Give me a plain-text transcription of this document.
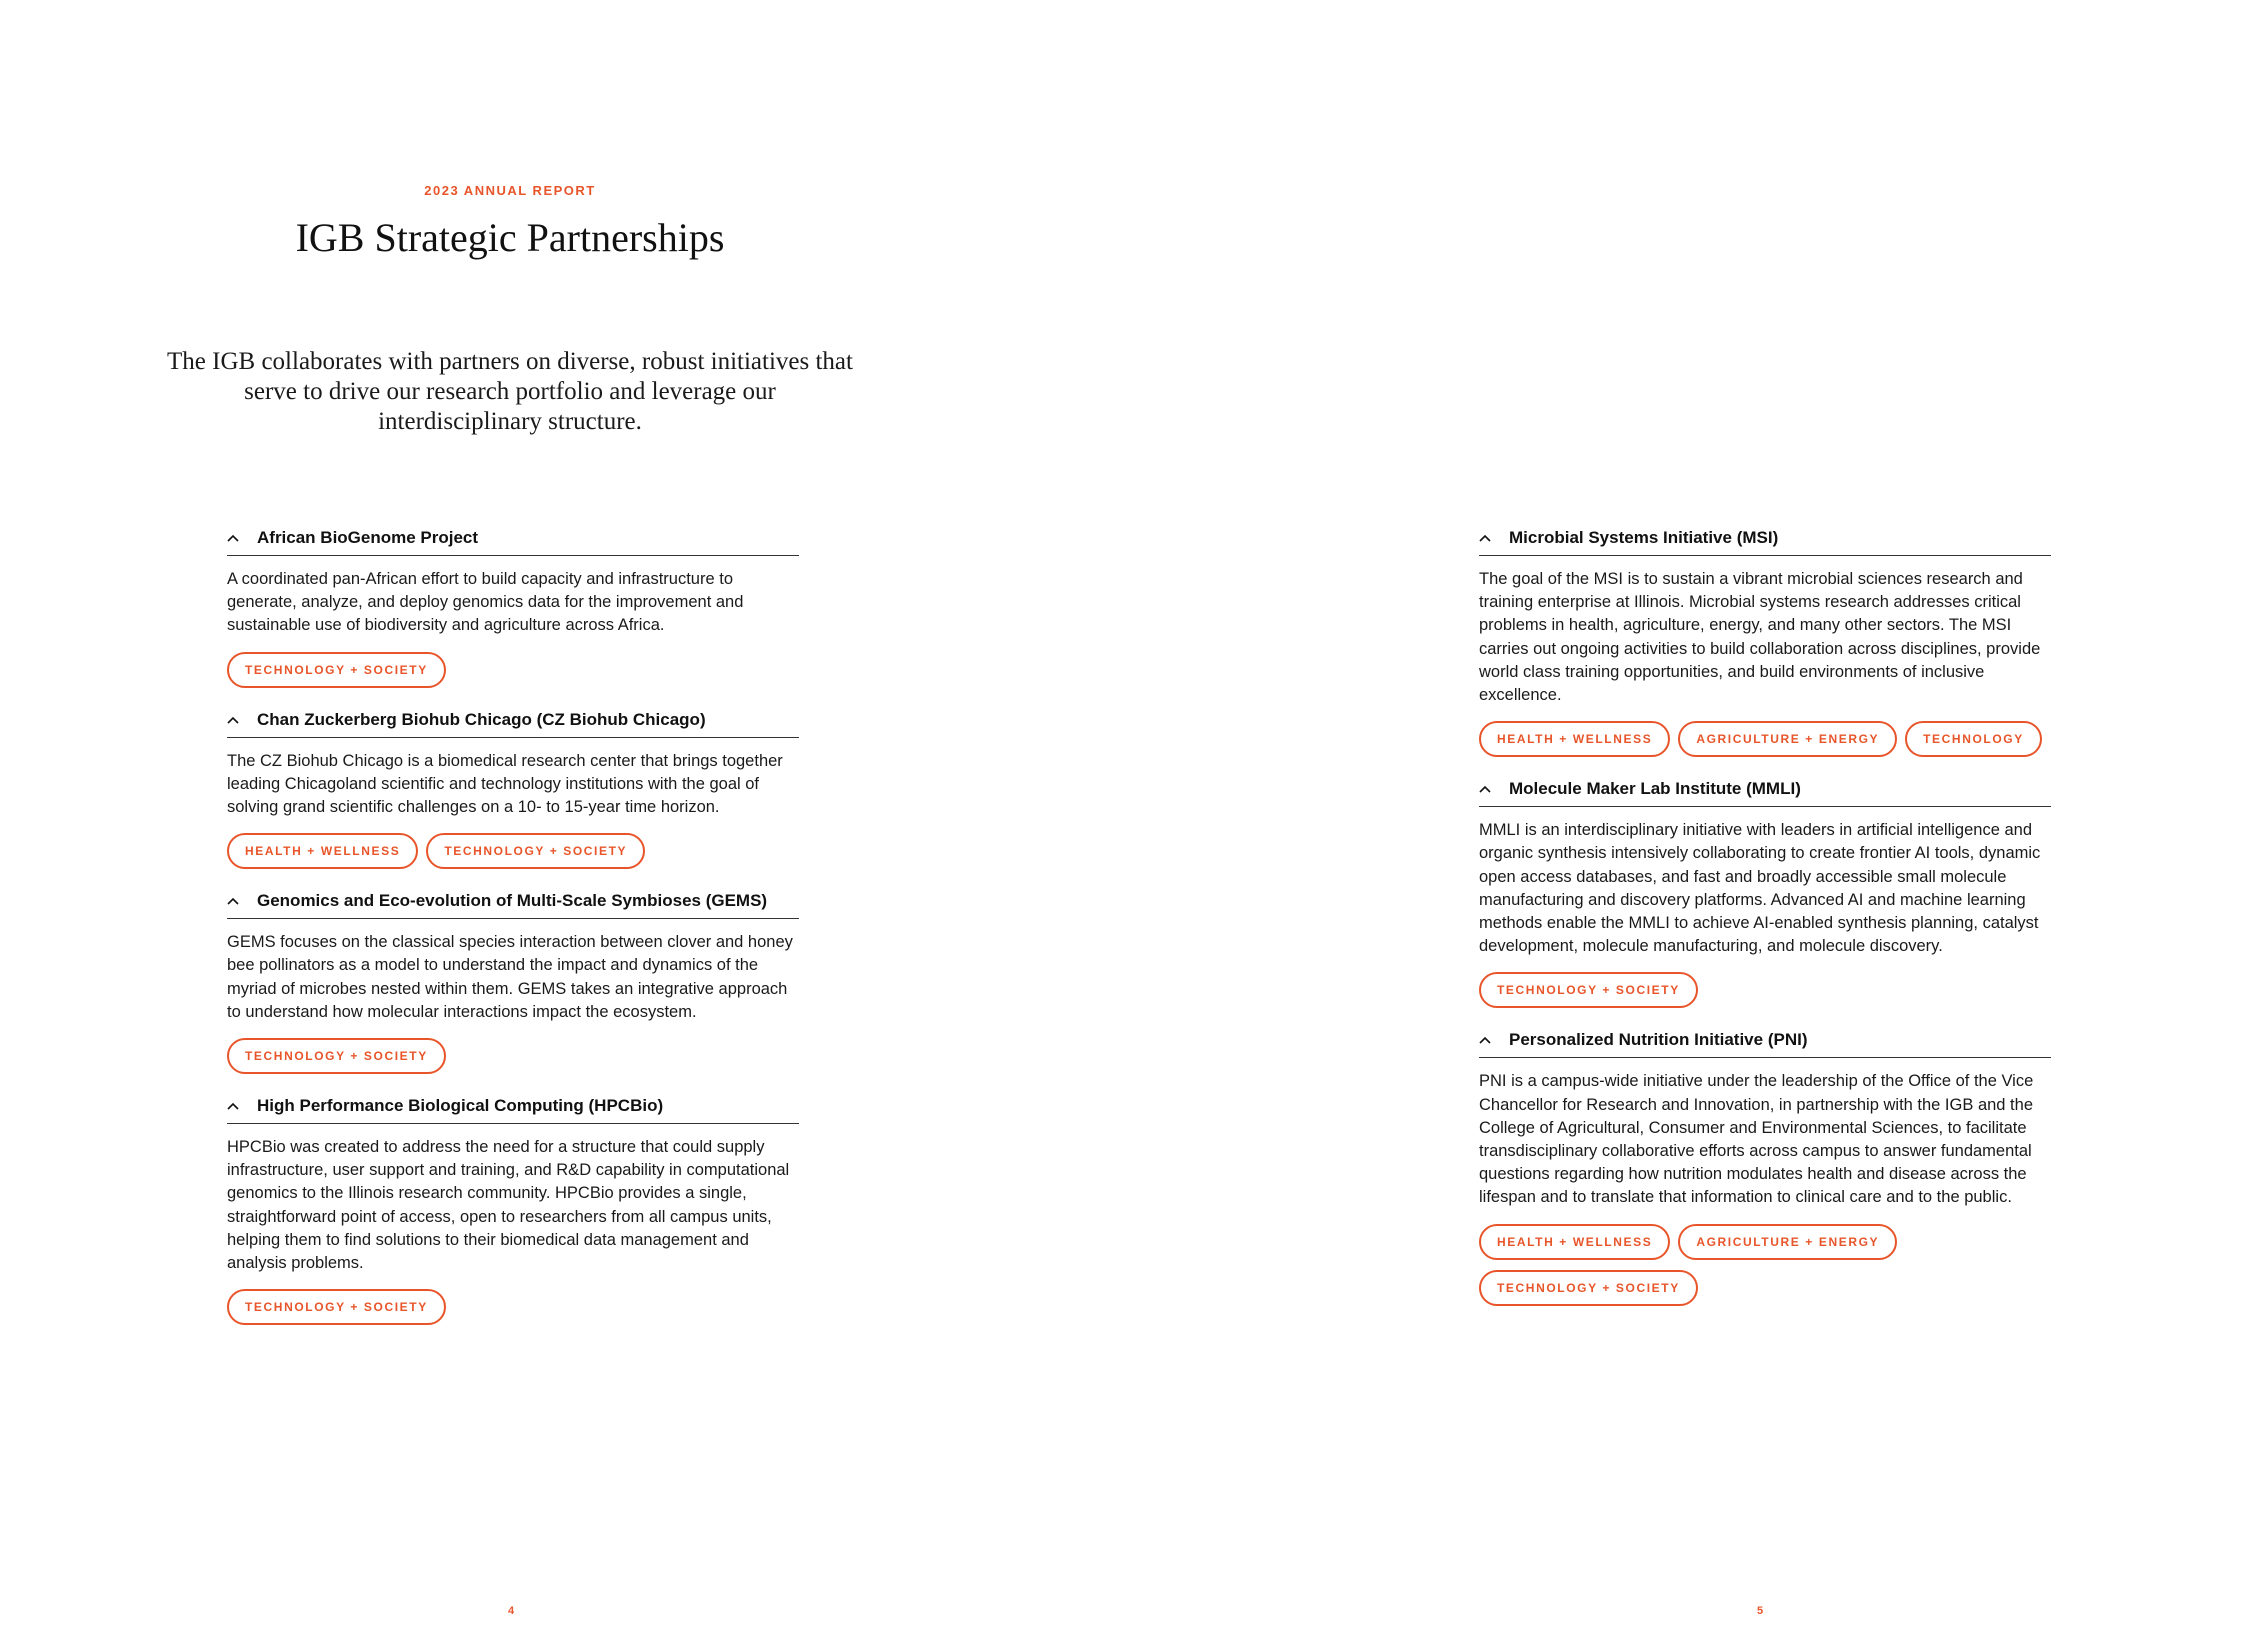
2023 ANNUAL REPORT
IGB Strategic Partnerships

The IGB collaborates with partners on diverse, robust initiatives that serve to drive our research portfolio and leverage our interdisciplinary structure.

African BioGenome Project

A coordinated pan-African effort to build capacity and infrastructure to generate, analyze, and deploy genomics data for the improvement and sustainable use of biodiversity and agriculture across Africa.

TECHNOLOGY + SOCIETY
Chan Zuckerberg Biohub Chicago (CZ Biohub Chicago)

The CZ Biohub Chicago is a biomedical research center that brings together leading Chicagoland scientific and technology institutions with the goal of solving grand scientific challenges on a 10- to 15-year time horizon.

HEALTH + WELLNESS	TECHNOLOGY + SOCIETY
Genomics and Eco-evolution of Multi-Scale Symbioses (GEMS)

GEMS focuses on the classical species interaction between clover and honey bee pollinators as a model to understand the impact and dynamics of the myriad of microbes nested within them. GEMS takes an integrative approach to understand how molecular interactions impact the ecosystem.

TECHNOLOGY + SOCIETY
High Performance Biological Computing (HPCBio)

HPCBio was created to address the need for a structure that could supply infrastructure, user support and training, and R&D capability in computational genomics to the Illinois research community. HPCBio provides a single, straightforward point of access, open to researchers from all campus units, helping them to find solutions to their biomedical data management and analysis problems.

TECHNOLOGY + SOCIETY
4
Microbial Systems Initiative (MSI)

The goal of the MSI is to sustain a vibrant microbial sciences research and training enterprise at Illinois. Microbial systems research addresses critical problems in health, agriculture, energy, and many other sectors. The MSI carries out ongoing activities to build collaboration across disciplines, provide world class training opportunities, and build environments of inclusive excellence.

HEALTH + WELLNESS	AGRICULTURE + ENERGY	TECHNOLOGY
Molecule Maker Lab Institute (MMLI)

MMLI is an interdisciplinary initiative with leaders in artificial intelligence and organic synthesis intensively collaborating to create frontier AI tools, dynamic open access databases, and fast and broadly accessible small molecule manufacturing and discovery platforms. Advanced AI and machine learning methods enable the MMLI to achieve AI-enabled synthesis planning, catalyst development, molecule manufacturing, and molecule discovery.

TECHNOLOGY + SOCIETY
Personalized Nutrition Initiative (PNI)

PNI is a campus-wide initiative under the leadership of the Office of the Vice Chancellor for Research and Innovation, in partnership with the IGB and the College of Agricultural, Consumer and Environmental Sciences, to facilitate transdisciplinary collaborative efforts across campus to answer fundamental questions regarding how nutrition modulates health and disease across the lifespan and to translate that information to clinical care and to the public.

HEALTH + WELLNESS	AGRICULTURE + ENERGY
TECHNOLOGY + SOCIETY
5
